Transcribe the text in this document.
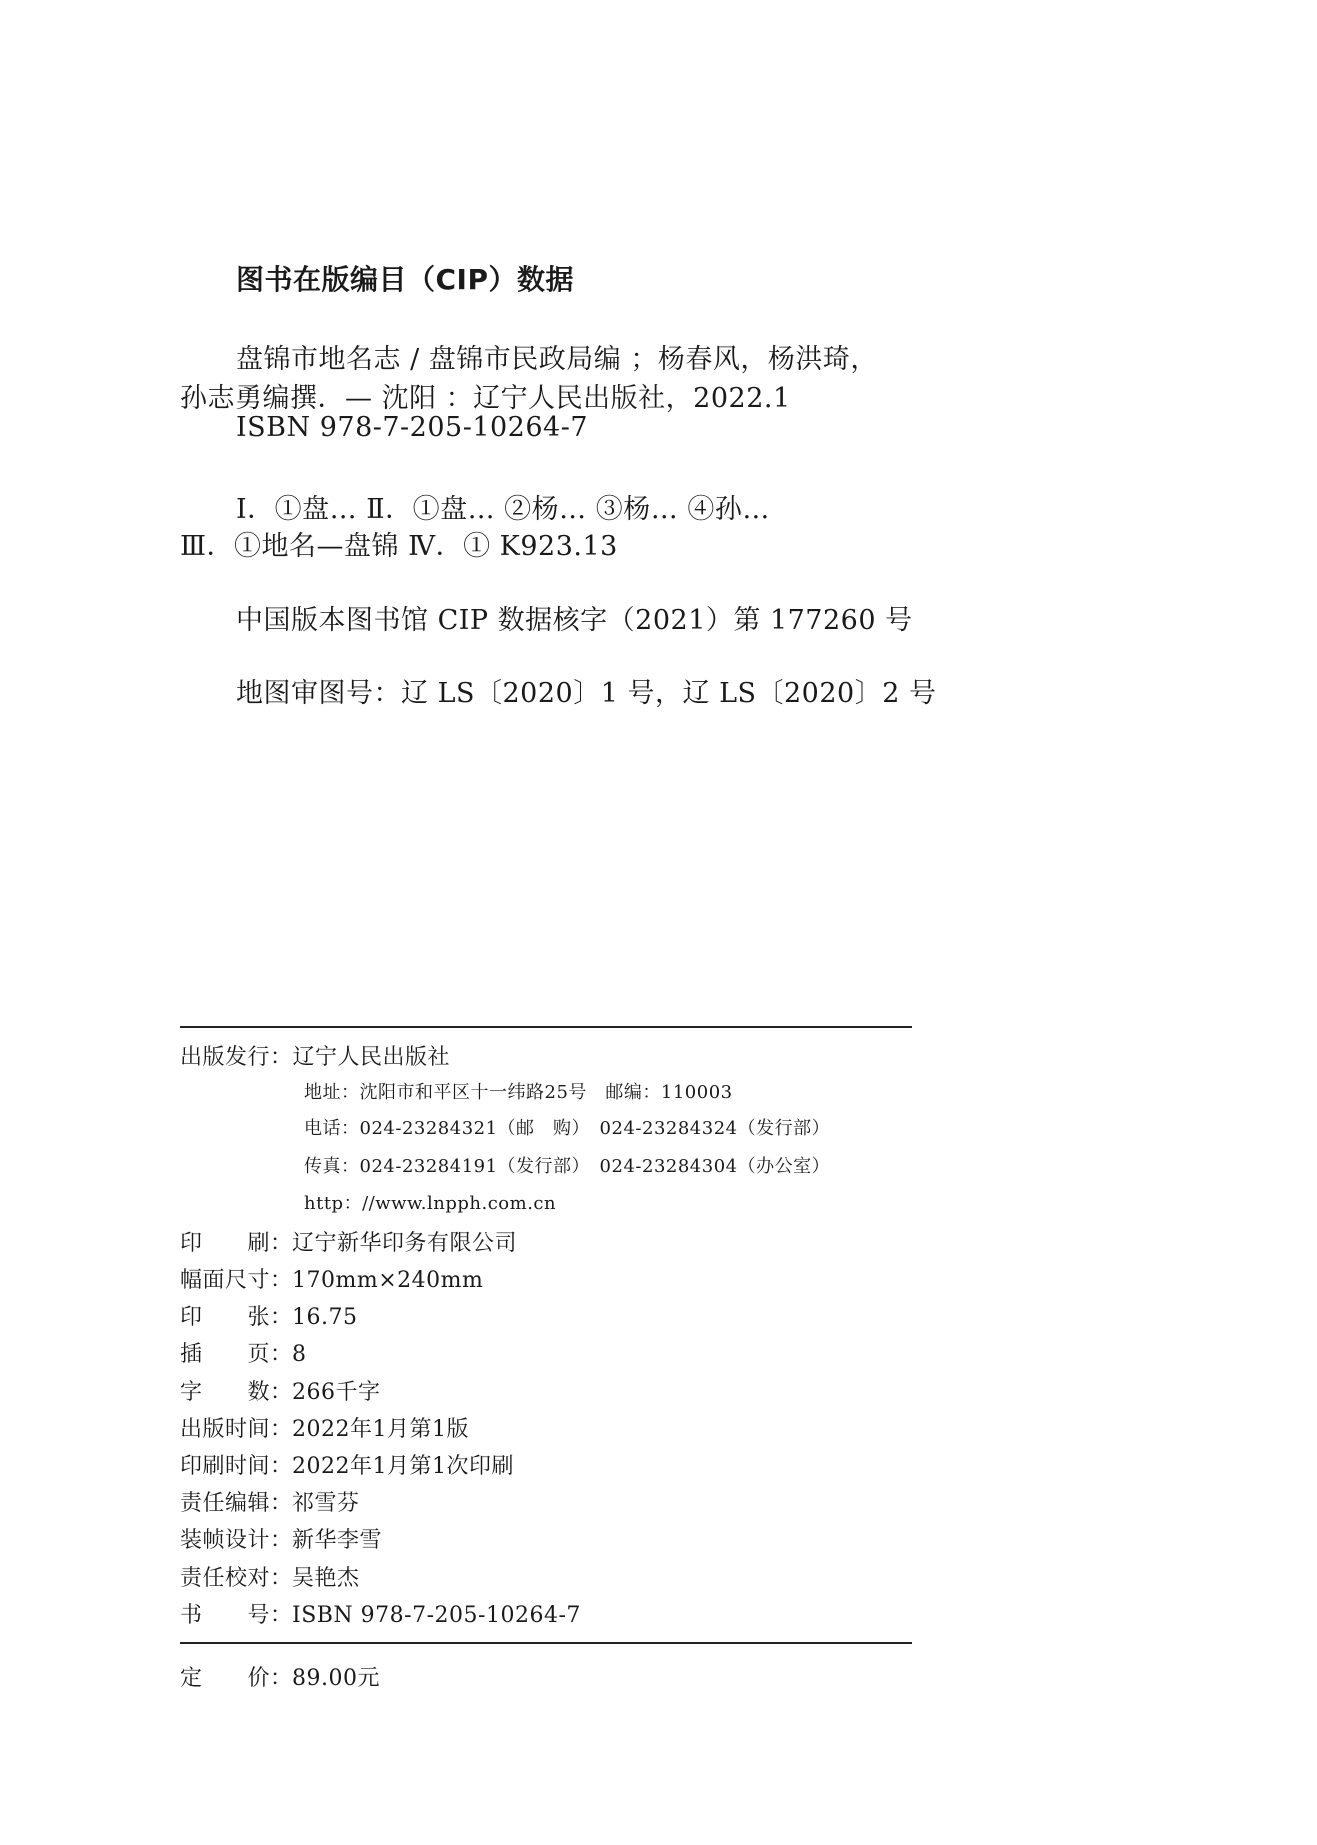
图书在版编目（CIP）数据
盘锦市地名志 / 盘锦市民政局编 ；杨春风，杨洪琦，
孙志勇编撰．— 沈阳 ：辽宁人民出版社，2022.1
ISBN 978-7-205-10264-7
Ⅰ．①盘… Ⅱ．①盘… ②杨… ③杨… ④孙…
Ⅲ．①地名—盘锦 Ⅳ．① K923.13
中国版本图书馆 CIP 数据核字（2021）第 177260 号
地图审图号：辽 LS〔2020〕1 号，辽 LS〔2020〕2 号
出版发行：辽宁人民出版社
地址：沈阳市和平区十一纬路25号　邮编：110003
电话：024-23284321（邮　购）　024-23284324（发行部）
传真：024-23284191（发行部）　024-23284304（办公室）
http：//www.lnpph.com.cn
印　　刷：辽宁新华印务有限公司
幅面尺寸：170mm×240mm
印　　张：16.75
插　　页：8
字　　数：266千字
出版时间：2022年1月第1版
印刷时间：2022年1月第1次印刷
责任编辑：祁雪芬
装帧设计：新华李雪
责任校对：吴艳杰
书　　号：ISBN 978-7-205-10264-7
定　　价：89.00元
